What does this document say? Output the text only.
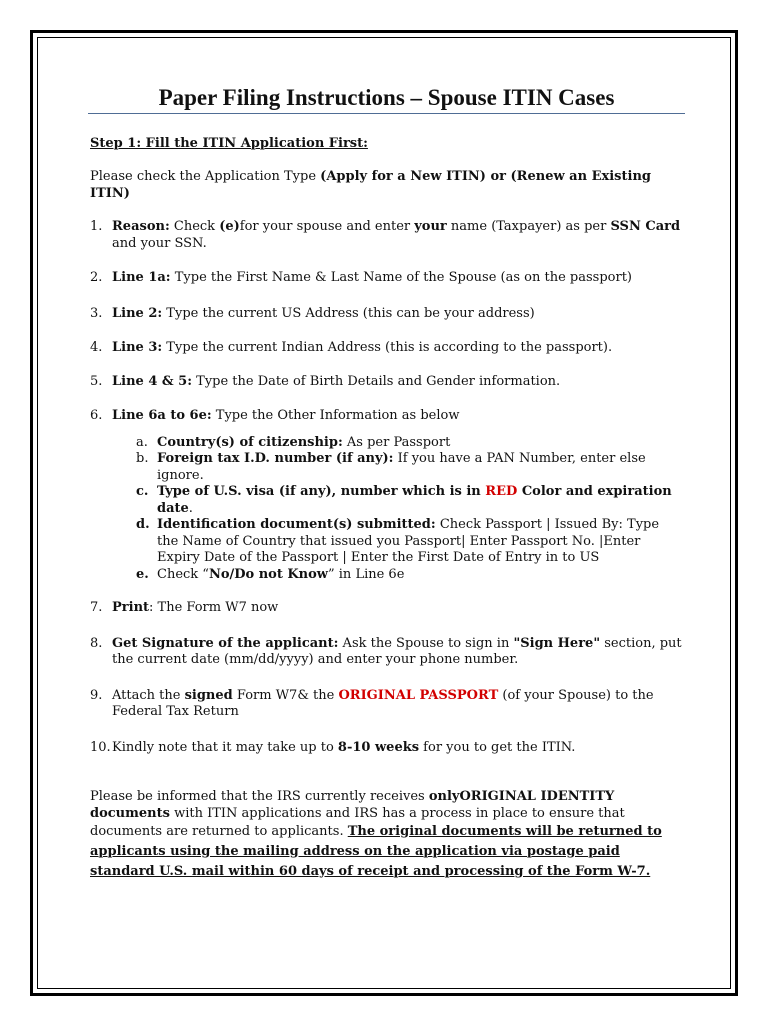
Paper Filing Instructions – Spouse ITIN Cases

Step 1: Fill the ITIN Application First:

Please check the Application Type (Apply for a New ITIN) or (Renew an Existing ITIN)

1. Reason: Check (e)for your spouse and enter your name (Taxpayer) as per SSN Card and your SSN.
2. Line 1a: Type the First Name & Last Name of the Spouse (as on the passport)
3. Line 2: Type the current US Address (this can be your address)
4. Line 3: Type the current Indian Address (this is according to the passport).
5. Line 4 & 5: Type the Date of Birth Details and Gender information.
6. Line 6a to 6e: Type the Other Information as below
a. Country(s) of citizenship: As per Passport
b. Foreign tax I.D. number (if any): If you have a PAN Number, enter else ignore.
c. Type of U.S. visa (if any), number which is in RED Color and expiration date.
d. Identification document(s) submitted: Check Passport | Issued By: Type the Name of Country that issued you Passport| Enter Passport No. |Enter Expiry Date of the Passport | Enter the First Date of Entry in to US
e. Check “No/Do not Know” in Line 6e
7. Print: The Form W7 now
8. Get Signature of the applicant: Ask the Spouse to sign in "Sign Here" section, put the current date (mm/dd/yyyy) and enter your phone number.
9. Attach the signed Form W7& the ORIGINAL PASSPORT (of your Spouse) to the Federal Tax Return
10. Kindly note that it may take up to 8-10 weeks for you to get the ITIN.

Please be informed that the IRS currently receives onlyORIGINAL IDENTITY documents with ITIN applications and IRS has a process in place to ensure that documents are returned to applicants. The original documents will be returned to applicants using the mailing address on the application via postage paid standard U.S. mail within 60 days of receipt and processing of the Form W-7.
